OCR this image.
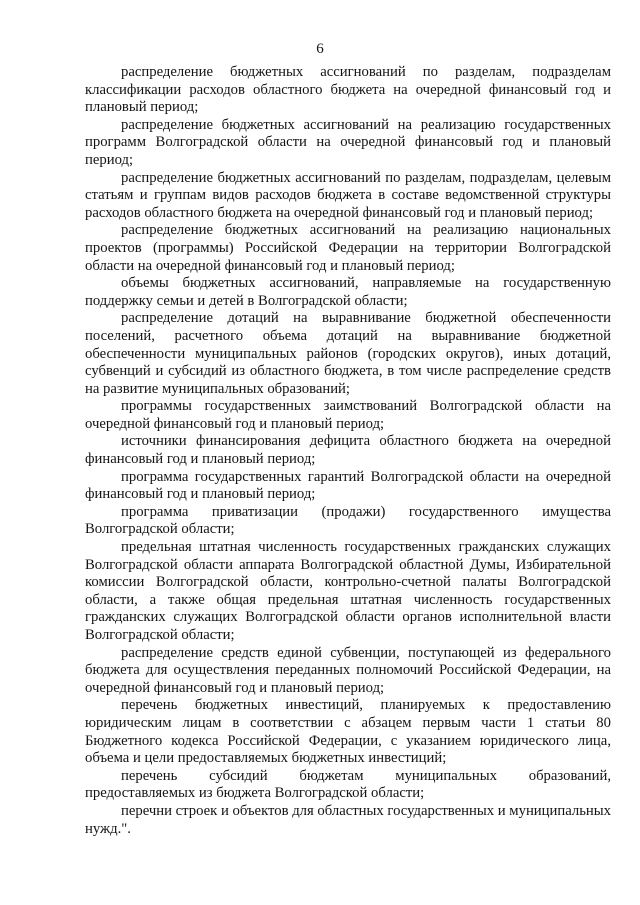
6

распределение бюджетных ассигнований по разделам, подразделам классификации расходов областного бюджета на очередной финансовый год и плановый период;

распределение бюджетных ассигнований на реализацию государственных программ Волгоградской области на очередной финансовый год и плановый период;

распределение бюджетных ассигнований по разделам, подразделам, целевым статьям и группам видов расходов бюджета в составе ведомственной структуры расходов областного бюджета на очередной финансовый год и плановый период;

распределение бюджетных ассигнований на реализацию национальных проектов (программы) Российской Федерации на территории Волгоградской области на очередной финансовый год и плановый период;

объемы бюджетных ассигнований, направляемые на государственную поддержку семьи и детей в Волгоградской области;

распределение дотаций на выравнивание бюджетной обеспеченности поселений, расчетного объема дотаций на выравнивание бюджетной обеспеченности муниципальных районов (городских округов), иных дотаций, субвенций и субсидий из областного бюджета, в том числе распределение средств на развитие муниципальных образований;

программы государственных заимствований Волгоградской области на очередной финансовый год и плановый период;

источники финансирования дефицита областного бюджета на очередной финансовый год и плановый период;

программа государственных гарантий Волгоградской области на очередной финансовый год и плановый период;

программа приватизации (продажи) государственного имущества Волгоградской области;

предельная штатная численность государственных гражданских служащих Волгоградской области аппарата Волгоградской областной Думы, Избирательной комиссии Волгоградской области, контрольно-счетной палаты Волгоградской области, а также общая предельная штатная численность государственных гражданских служащих Волгоградской области органов исполнительной власти Волгоградской области;

распределение средств единой субвенции, поступающей из федерального бюджета для осуществления переданных полномочий Российской Федерации, на очередной финансовый год и плановый период;

перечень бюджетных инвестиций, планируемых к предоставлению юридическим лицам в соответствии с абзацем первым части 1 статьи 80 Бюджетного кодекса Российской Федерации, с указанием юридического лица, объема и цели предоставляемых бюджетных инвестиций;

перечень субсидий бюджетам муниципальных образований, предоставляемых из бюджета Волгоградской области;

перечни строек и объектов для областных государственных и муниципальных нужд.".
